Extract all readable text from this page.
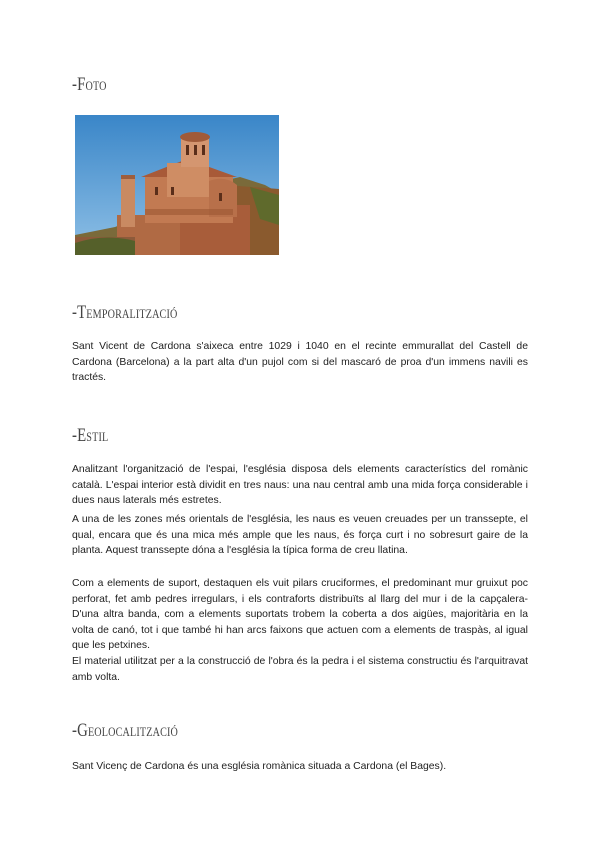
-Foto
-Temporalització

Sant Vicent de Cardona s'aixeca entre 1029 i 1040 en el recinte emmurallat del Castell de Cardona (Barcelona) a la part alta d'un pujol com si del mascaró de proa d'un immens navili es tractés.

-Estil

Analitzant l'organització de l'espai, l'església disposa dels elements característics del romànic català. L'espai interior està dividit en tres naus: una nau central amb una mida força considerable i dues naus laterals més estretes.

A una de les zones més orientals de l'església, les naus es veuen creuades per un transsepte, el qual, encara que és una mica més ample que les naus, és força curt i no sobresurt gaire de la planta. Aquest transsepte dóna a l'església la típica forma de creu llatina.

Com a elements de suport, destaquen els vuit pilars cruciformes, el predominant mur gruixut poc perforat, fet amb pedres irregulars, i els contraforts distribuïts al llarg del mur i de la capçalera- D'una altra banda, com a elements suportats trobem la coberta a dos aigües, majoritària en la volta de canó, tot i que també hi han arcs faixons que actuen com a elements de traspàs, al igual que les petxines.

El material utilitzat per a la construcció de l'obra és la pedra i el sistema constructiu és l'arquitravat amb volta.

-Geolocalització

Sant Vicenç de Cardona és una església romànica situada a Cardona (el Bages).
